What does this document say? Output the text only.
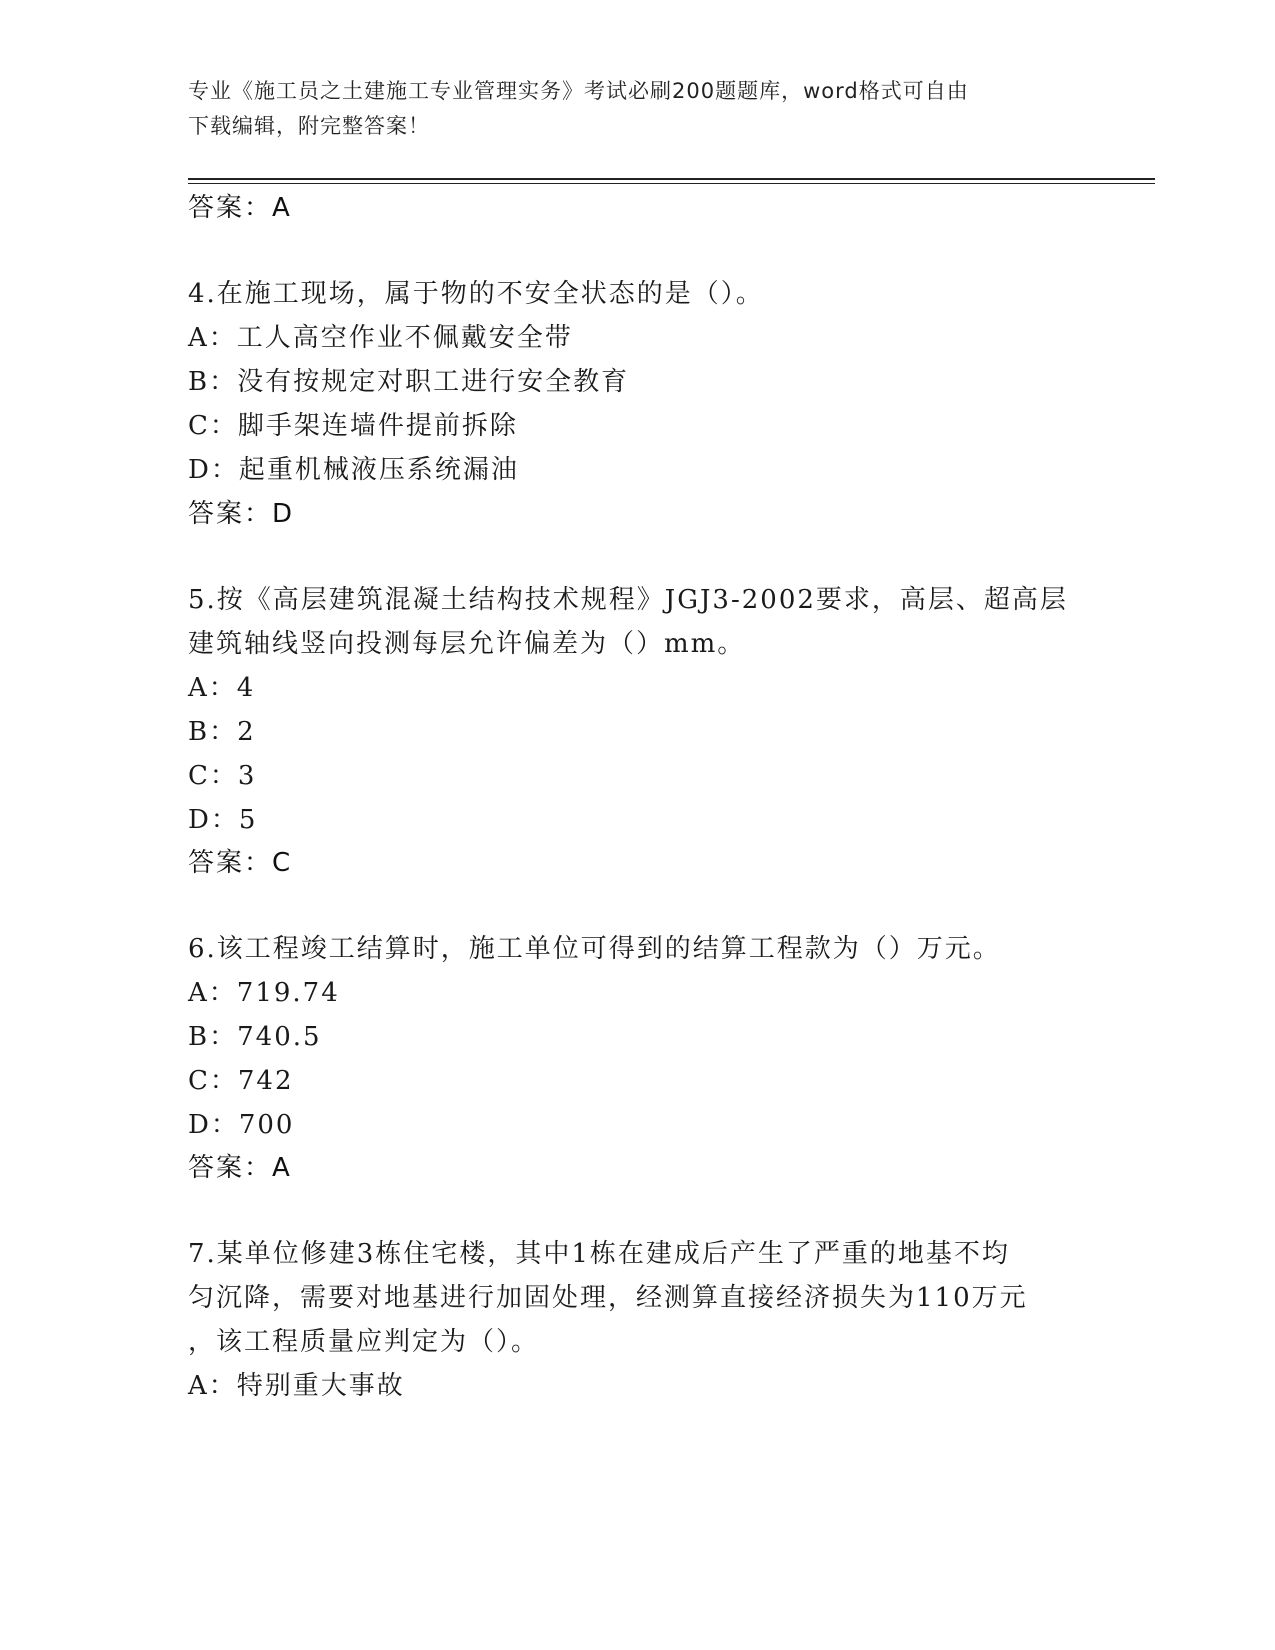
专业《施工员之土建施工专业管理实务》考试必刷200题题库，word格式可自由
下载编辑，附完整答案！
答案：A
4.在施工现场，属于物的不安全状态的是（）。
A：工人高空作业不佩戴安全带
B：没有按规定对职工进行安全教育
C：脚手架连墙件提前拆除
D：起重机械液压系统漏油
答案：D
5.按《高层建筑混凝土结构技术规程》JGJ3-2002要求，高层、超高层
建筑轴线竖向投测每层允许偏差为（）mm。
A：4
B：2
C：3
D：5
答案：C
6.该工程竣工结算时，施工单位可得到的结算工程款为（）万元。
A：719.74
B：740.5
C：742
D：700
答案：A
7.某单位修建3栋住宅楼，其中1栋在建成后产生了严重的地基不均
匀沉降，需要对地基进行加固处理，经测算直接经济损失为110万元
，该工程质量应判定为（）。
A：特别重大事故
